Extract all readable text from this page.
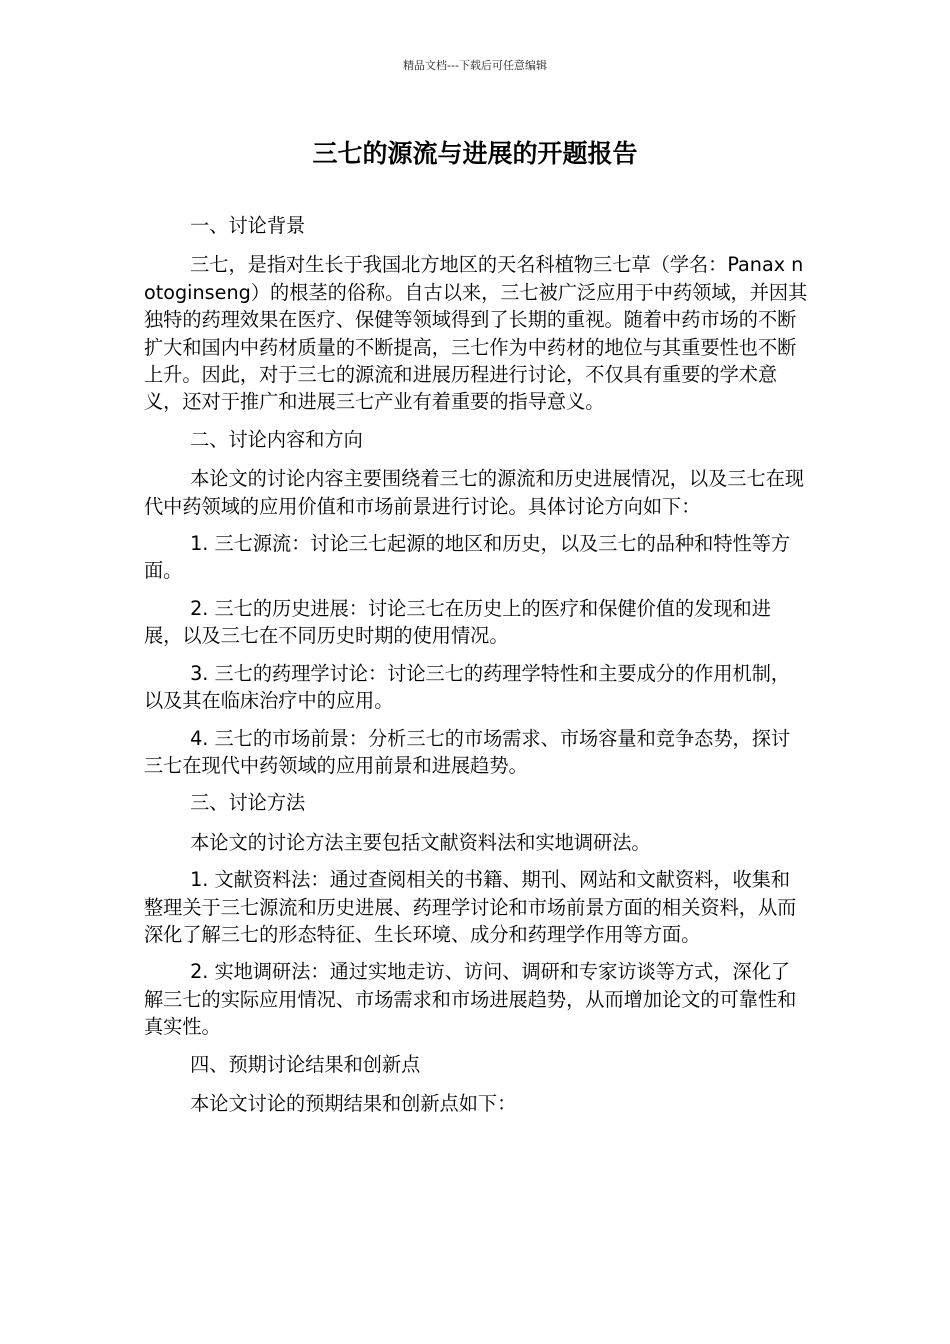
精品文档---下载后可任意编辑
三七的源流与进展的开题报告

一、讨论背景

三七，是指对生长于我国北方地区的天名科植物三七草（学名：Panax notoginseng）的根茎的俗称。自古以来，三七被广泛应用于中药领域，并因其独特的药理效果在医疗、保健等领域得到了长期的重视。随着中药市场的不断扩大和国内中药材质量的不断提高，三七作为中药材的地位与其重要性也不断上升。因此，对于三七的源流和进展历程进行讨论，不仅具有重要的学术意义，还对于推广和进展三七产业有着重要的指导意义。

二、讨论内容和方向

本论文的讨论内容主要围绕着三七的源流和历史进展情况，以及三七在现代中药领域的应用价值和市场前景进行讨论。具体讨论方向如下：

1. 三七源流：讨论三七起源的地区和历史，以及三七的品种和特性等方面。

2. 三七的历史进展：讨论三七在历史上的医疗和保健价值的发现和进展，以及三七在不同历史时期的使用情况。

3. 三七的药理学讨论：讨论三七的药理学特性和主要成分的作用机制，以及其在临床治疗中的应用。

4. 三七的市场前景：分析三七的市场需求、市场容量和竞争态势，探讨三七在现代中药领域的应用前景和进展趋势。

三、讨论方法

本论文的讨论方法主要包括文献资料法和实地调研法。

1. 文献资料法：通过查阅相关的书籍、期刊、网站和文献资料，收集和整理关于三七源流和历史进展、药理学讨论和市场前景方面的相关资料，从而深化了解三七的形态特征、生长环境、成分和药理学作用等方面。

2. 实地调研法：通过实地走访、访问、调研和专家访谈等方式，深化了解三七的实际应用情况、市场需求和市场进展趋势，从而增加论文的可靠性和真实性。

四、预期讨论结果和创新点

本论文讨论的预期结果和创新点如下：
